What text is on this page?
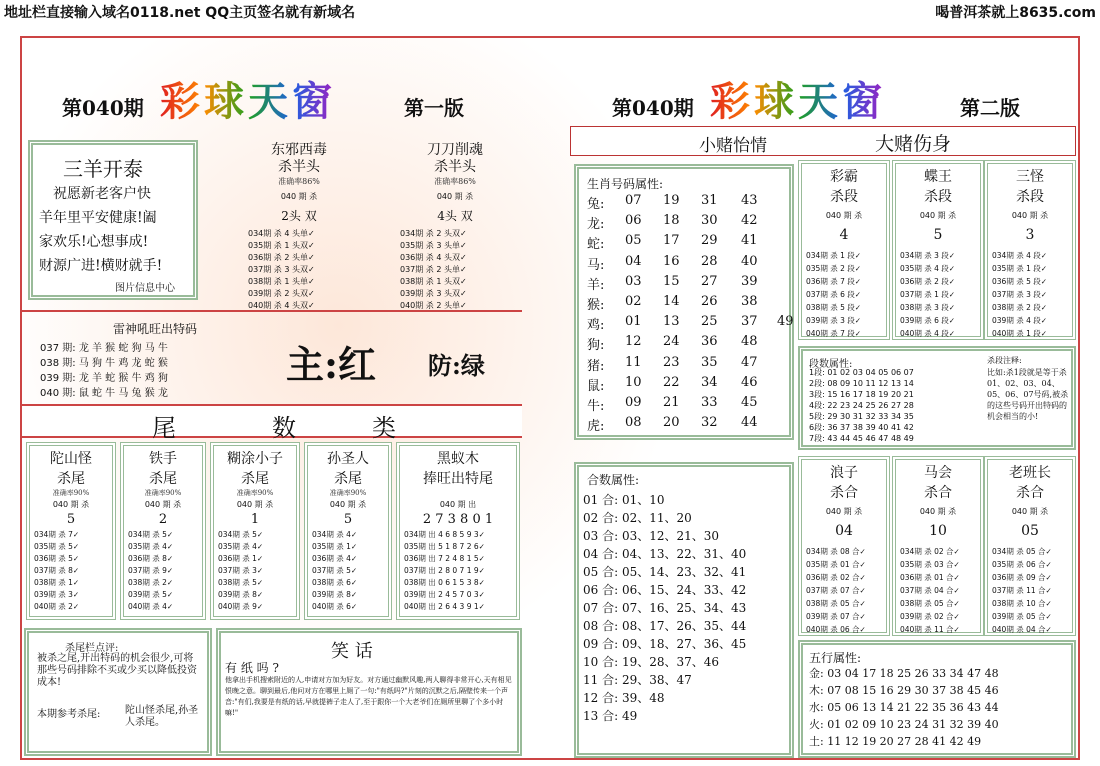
地址栏直接输入域名0118.net QQ主页签名就有新域名	喝普洱茶就上8635.com
第040期 彩球天窗	第一版	第040期 彩球天窗	第二版
三羊开泰
祝愿新老客户快
羊年里平安健康!阖
家欢乐!心想事成!
财源广进!横财就手!
图片信息中心
东邪西毒
杀半头
准确率86%
040 期 杀
2头 双
034期 杀 4 头单✓
035期 杀 1 头双✓
036期 杀 2 头单✓
037期 杀 3 头双✓
038期 杀 1 头单✓
039期 杀 2 头双✓
040期 杀 4 头双✓
刀刀削魂
杀半头
准确率86%
040 期 杀
4头 双
034期 杀 2 头双✓
035期 杀 3 头单✓
036期 杀 4 头双✓
037期 杀 2 头单✓
038期 杀 1 头双✓
039期 杀 3 头双✓
040期 杀 2 头单✓
雷神吼旺出特码
037 期: 龙 羊 猴 蛇 狗 马 牛
038 期: 马 狗 牛 鸡 龙 蛇 猴
039 期: 龙 羊 蛇 猴 牛 鸡 狗
040 期: 鼠 蛇 牛 马 兔 猴 龙
主:红 防:绿
尾	数	类
陀山怪
杀尾
准确率90%
040 期 杀
5
034期 杀 7✓
035期 杀 5✓
036期 杀 5✓
037期 杀 8✓
038期 杀 1✓
039期 杀 3✓
040期 杀 2✓
铁手
杀尾
准确率90%
040 期 杀
2
034期 杀 5✓
035期 杀 4✓
036期 杀 8✓
037期 杀 9✓
038期 杀 2✓
039期 杀 5✓
040期 杀 4✓
糊涂小子
杀尾
准确率90%
040 期 杀
1
034期 杀 5✓
035期 杀 4✓
036期 杀 1✓
037期 杀 3✓
038期 杀 5✓
039期 杀 8✓
040期 杀 9✓
孙圣人
杀尾
准确率90%
040 期 杀
5
034期 杀 4✓
035期 杀 1✓
036期 杀 4✓
037期 杀 5✓
038期 杀 6✓
039期 杀 8✓
040期 杀 6✓
黑蚁木
捧旺出特尾
040 期 出
2 7 3 8 0 1
034期 出 4 6 8 5 9 3✓
035期 出 5 1 8 7 2 6✓
036期 出 7 2 4 8 1 5✓
037期 出 2 8 0 7 1 9✓
038期 出 0 6 1 5 3 8✓
039期 出 2 4 5 7 0 3✓
040期 出 2 6 4 3 9 1✓
杀尾栏点评:
被杀之尾,开出特码的机会很少,可将那些号码排除不买或少买以降低投资成本!
本期参考杀尾: 陀山怪杀尾,孙圣人杀尾。
笑 话
有 纸 吗 ?
他拿出手机搜索附近的人,申请对方加为好友。对方通过幽默风趣,两人聊得非常开心,天有相见恨晚之意。聊到最后,他问对方在哪里上厕了一句:"有纸吗?"片刻的沉默之后,隔壁传来一个声音:"有们,我要是有纸的话,早就提裤子走人了,至于跟你一个大老爷们在厕所里聊了个多小时嘛!"
小赌怡情	大赌伤身
生肖号码属性:
兔: 07 19 31 43
龙: 06 18 30 42
蛇: 05 17 29 41
马: 04 16 28 40
羊: 03 15 27 39
猴: 02 14 26 38
鸡: 01 13 25 37 49
狗: 12 24 36 48
猪: 11 23 35 47
鼠: 10 22 34 46
牛: 09 21 33 45
虎: 08 20 32 44
彩霸
杀段
040 期 杀
4
034期 杀 1 段✓
035期 杀 2 段✓
036期 杀 7 段✓
037期 杀 6 段✓
038期 杀 5 段✓
039期 杀 3 段✓
040期 杀 7 段✓
蝶王
杀段
040 期 杀
5
034期 杀 3 段✓
035期 杀 4 段✓
036期 杀 2 段✓
037期 杀 1 段✓
038期 杀 3 段✓
039期 杀 6 段✓
040期 杀 4 段✓
三怪
杀段
040 期 杀
3
034期 杀 4 段✓
035期 杀 1 段✓
036期 杀 5 段✓
037期 杀 3 段✓
038期 杀 2 段✓
039期 杀 4 段✓
040期 杀 1 段✓
段数属性:
1段: 01 02 03 04 05 06 07
2段: 08 09 10 11 12 13 14
3段: 15 16 17 18 19 20 21
4段: 22 23 24 25 26 27 28
5段: 29 30 31 32 33 34 35
6段: 36 37 38 39 40 41 42
7段: 43 44 45 46 47 48 49
杀段注释:
比如:杀1段就是等于杀01、02、03、04、05、06、07号码,被杀的这些号码开出特码的机会相当的小!
合数属性:
01 合: 01、10
02 合: 02、11、20
03 合: 03、12、21、30
04 合: 04、13、22、31、40
05 合: 05、14、23、32、41
06 合: 06、15、24、33、42
07 合: 07、16、25、34、43
08 合: 08、17、26、35、44
09 合: 09、18、27、36、45
10 合: 19、28、37、46
11 合: 29、38、47
12 合: 39、48
13 合: 49
浪子
杀合
040 期 杀
04
034期 杀 08 合✓
035期 杀 01 合✓
036期 杀 02 合✓
037期 杀 07 合✓
038期 杀 05 合✓
039期 杀 07 合✓
040期 杀 06 合✓
马会
杀合
040 期 杀
10
034期 杀 02 合✓
035期 杀 03 合✓
036期 杀 01 合✓
037期 杀 04 合✓
038期 杀 05 合✓
039期 杀 02 合✓
040期 杀 11 合✓
老班长
杀合
040 期 杀
05
034期 杀 05 合✓
035期 杀 06 合✓
036期 杀 09 合✓
037期 杀 11 合✓
038期 杀 10 合✓
039期 杀 05 合✓
040期 杀 04 合✓
五行属性:
金: 03 04 17 18 25 26 33 34 47 48
木: 07 08 15 16 29 30 37 38 45 46
水: 05 06 13 14 21 22 35 36 43 44
火: 01 02 09 10 23 24 31 32 39 40
土: 11 12 19 20 27 28 41 42 49
